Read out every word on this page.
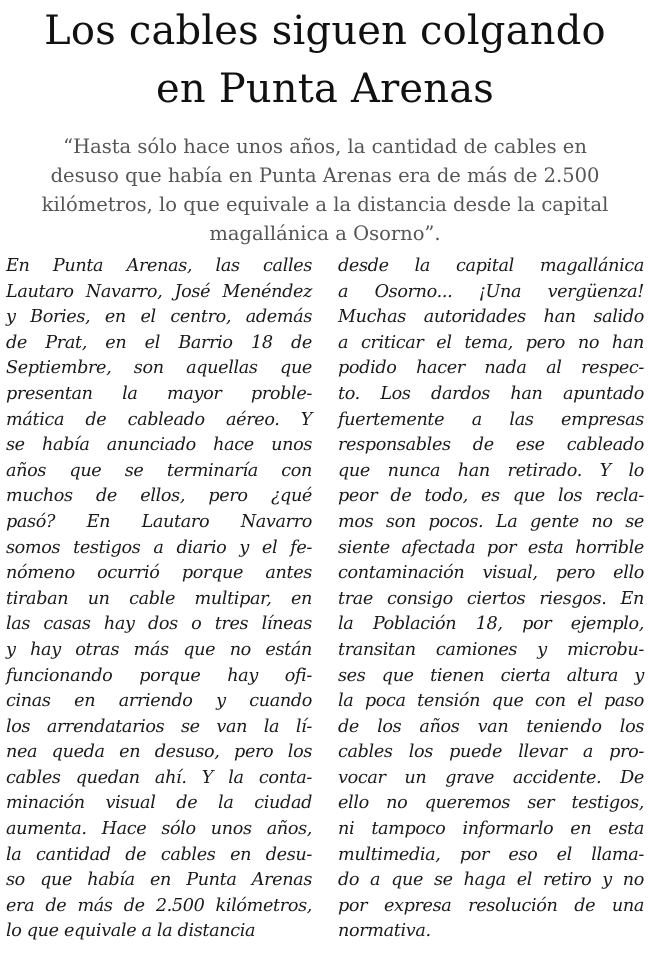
Los cables siguen colgando
en Punta Arenas
“Hasta sólo hace unos años, la cantidad de cables en
desuso que había en Punta Arenas era de más de 2.500
kilómetros, lo que equivale a la distancia desde la capital
magallánica a Osorno”.
En Punta Arenas, las calles
Lautaro Navarro, José Menéndez
y Bories, en el centro, además
de Prat, en el Barrio 18 de
Septiembre, son aquellas que
presentan la mayor proble-
mática de cableado aéreo. Y
se había anunciado hace unos
años que se terminaría con
muchos de ellos, pero ¿qué
pasó? En Lautaro Navarro
somos testigos a diario y el fe-
nómeno ocurrió porque antes
tiraban un cable multipar, en
las casas hay dos o tres líneas
y hay otras más que no están
funcionando porque hay ofi-
cinas en arriendo y cuando
los arrendatarios se van la lí-
nea queda en desuso, pero los
cables quedan ahí. Y la conta-
minación visual de la ciudad
aumenta. Hace sólo unos años,
la cantidad de cables en desu-
so que había en Punta Arenas
era de más de 2.500 kilómetros,
lo que equivale a la distancia
desde la capital magallánica
a Osorno... ¡Una vergüenza!
Muchas autoridades han salido
a criticar el tema, pero no han
podido hacer nada al respec-
to. Los dardos han apuntado
fuertemente a las empresas
responsables de ese cableado
que nunca han retirado. Y lo
peor de todo, es que los recla-
mos son pocos. La gente no se
siente afectada por esta horrible
contaminación visual, pero ello
trae consigo ciertos riesgos. En
la Población 18, por ejemplo,
transitan camiones y microbu-
ses que tienen cierta altura y
la poca tensión que con el paso
de los años van teniendo los
cables los puede llevar a pro-
vocar un grave accidente. De
ello no queremos ser testigos,
ni tampoco informarlo en esta
multimedia, por eso el llama-
do a que se haga el retiro y no
por expresa resolución de una
normativa.
